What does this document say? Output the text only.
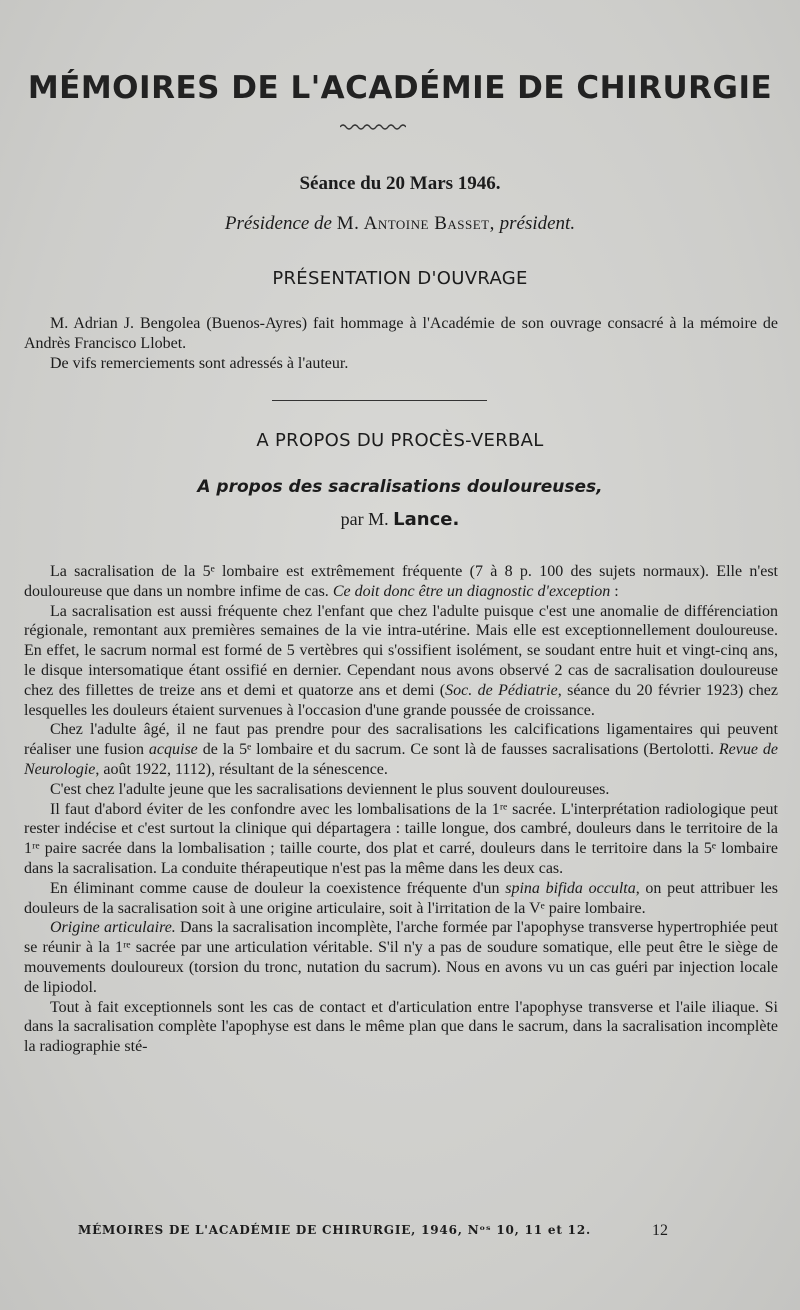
MÉMOIRES DE L'ACADÉMIE DE CHIRURGIE

Séance du 20 Mars 1946.

Présidence de M. Antoine Basset, président.

PRÉSENTATION D'OUVRAGE

M. Adrian J. Bengolea (Buenos-Ayres) fait hommage à l'Académie de son ouvrage consacré à la mémoire de Andrès Francisco Llobet.

De vifs remerciements sont adressés à l'auteur.

A PROPOS DU PROCÈS-VERBAL

A propos des sacralisations douloureuses,

par M. Lance.

La sacralisation de la 5ᵉ lombaire est extrêmement fréquente (7 à 8 p. 100 des sujets normaux). Elle n'est douloureuse que dans un nombre infime de cas. Ce doit donc être un diagnostic d'exception :

La sacralisation est aussi fréquente chez l'enfant que chez l'adulte puisque c'est une anomalie de différenciation régionale, remontant aux premières semaines de la vie intra-utérine. Mais elle est exceptionnellement douloureuse. En effet, le sacrum normal est formé de 5 vertèbres qui s'ossifient isolément, se soudant entre huit et vingt-cinq ans, le disque intersomatique étant ossifié en dernier. Cependant nous avons observé 2 cas de sacralisation douloureuse chez des fillettes de treize ans et demi et quatorze ans et demi (Soc. de Pédiatrie, séance du 20 février 1923) chez lesquelles les douleurs étaient survenues à l'occasion d'une grande poussée de croissance.

Chez l'adulte âgé, il ne faut pas prendre pour des sacralisations les calcifications ligamentaires qui peuvent réaliser une fusion acquise de la 5ᵉ lombaire et du sacrum. Ce sont là de fausses sacralisations (Bertolotti. Revue de Neurologie, août 1922, 1112), résultant de la sénescence.

C'est chez l'adulte jeune que les sacralisations deviennent le plus souvent douloureuses.

Il faut d'abord éviter de les confondre avec les lombalisations de la 1ʳᵉ sacrée. L'interprétation radiologique peut rester indécise et c'est surtout la clinique qui départagera : taille longue, dos cambré, douleurs dans le territoire de la 1ʳᵉ paire sacrée dans la lombalisation ; taille courte, dos plat et carré, douleurs dans le territoire dans la 5ᵉ lombaire dans la sacralisation. La conduite thérapeutique n'est pas la même dans les deux cas.

En éliminant comme cause de douleur la coexistence fréquente d'un spina bifida occulta, on peut attribuer les douleurs de la sacralisation soit à une origine articulaire, soit à l'irritation de la Vᵉ paire lombaire.

Origine articulaire. Dans la sacralisation incomplète, l'arche formée par l'apophyse transverse hypertrophiée peut se réunir à la 1ʳᵉ sacrée par une articulation véritable. S'il n'y a pas de soudure somatique, elle peut être le siège de mouvements douloureux (torsion du tronc, nutation du sacrum). Nous en avons vu un cas guéri par injection locale de lipiodol.

Tout à fait exceptionnels sont les cas de contact et d'articulation entre l'apophyse transverse et l'aile iliaque. Si dans la sacralisation complète l'apophyse est dans le même plan que dans le sacrum, dans la sacralisation incomplète la radiographie sté-

MÉMOIRES DE L'ACADÉMIE DE CHIRURGIE, 1946, Nᵒˢ 10, 11 et 12.	12
